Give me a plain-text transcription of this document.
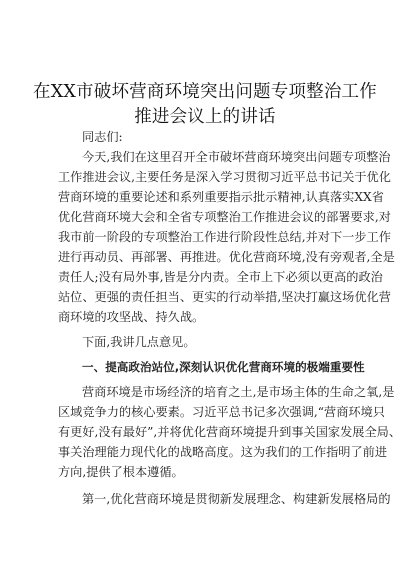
在XX市破坏营商环境突出问题专项整治工作
推进会议上的讲话
同志们:
今天,我们在这里召开全市破坏营商环境突出问题专项整治
工作推进会议,主要任务是深入学习贯彻习近平总书记关于优化
营商环境的重要论述和系列重要指示批示精神,认真落实XX省
优化营商环境大会和全省专项整治工作推进会议的部署要求,对
我市前一阶段的专项整治工作进行阶段性总结,并对下一步工作
进行再动员、再部署、再推进。优化营商环境,没有旁观者,全是
责任人;没有局外事,皆是分内责。全市上下必须以更高的政治
站位、更强的责任担当、更实的行动举措,坚决打赢这场优化营
商环境的攻坚战、持久战。
下面,我讲几点意见。
一、提高政治站位,深刻认识优化营商环境的极端重要性
营商环境是市场经济的培育之土,是市场主体的生命之氧,是
区域竞争力的核心要素。习近平总书记多次强调,“营商环境只
有更好,没有最好”,并将优化营商环境提升到事关国家发展全局、
事关治理能力现代化的战略高度。这为我们的工作指明了前进
方向,提供了根本遵循。
第一,优化营商环境是贯彻新发展理念、构建新发展格局的
